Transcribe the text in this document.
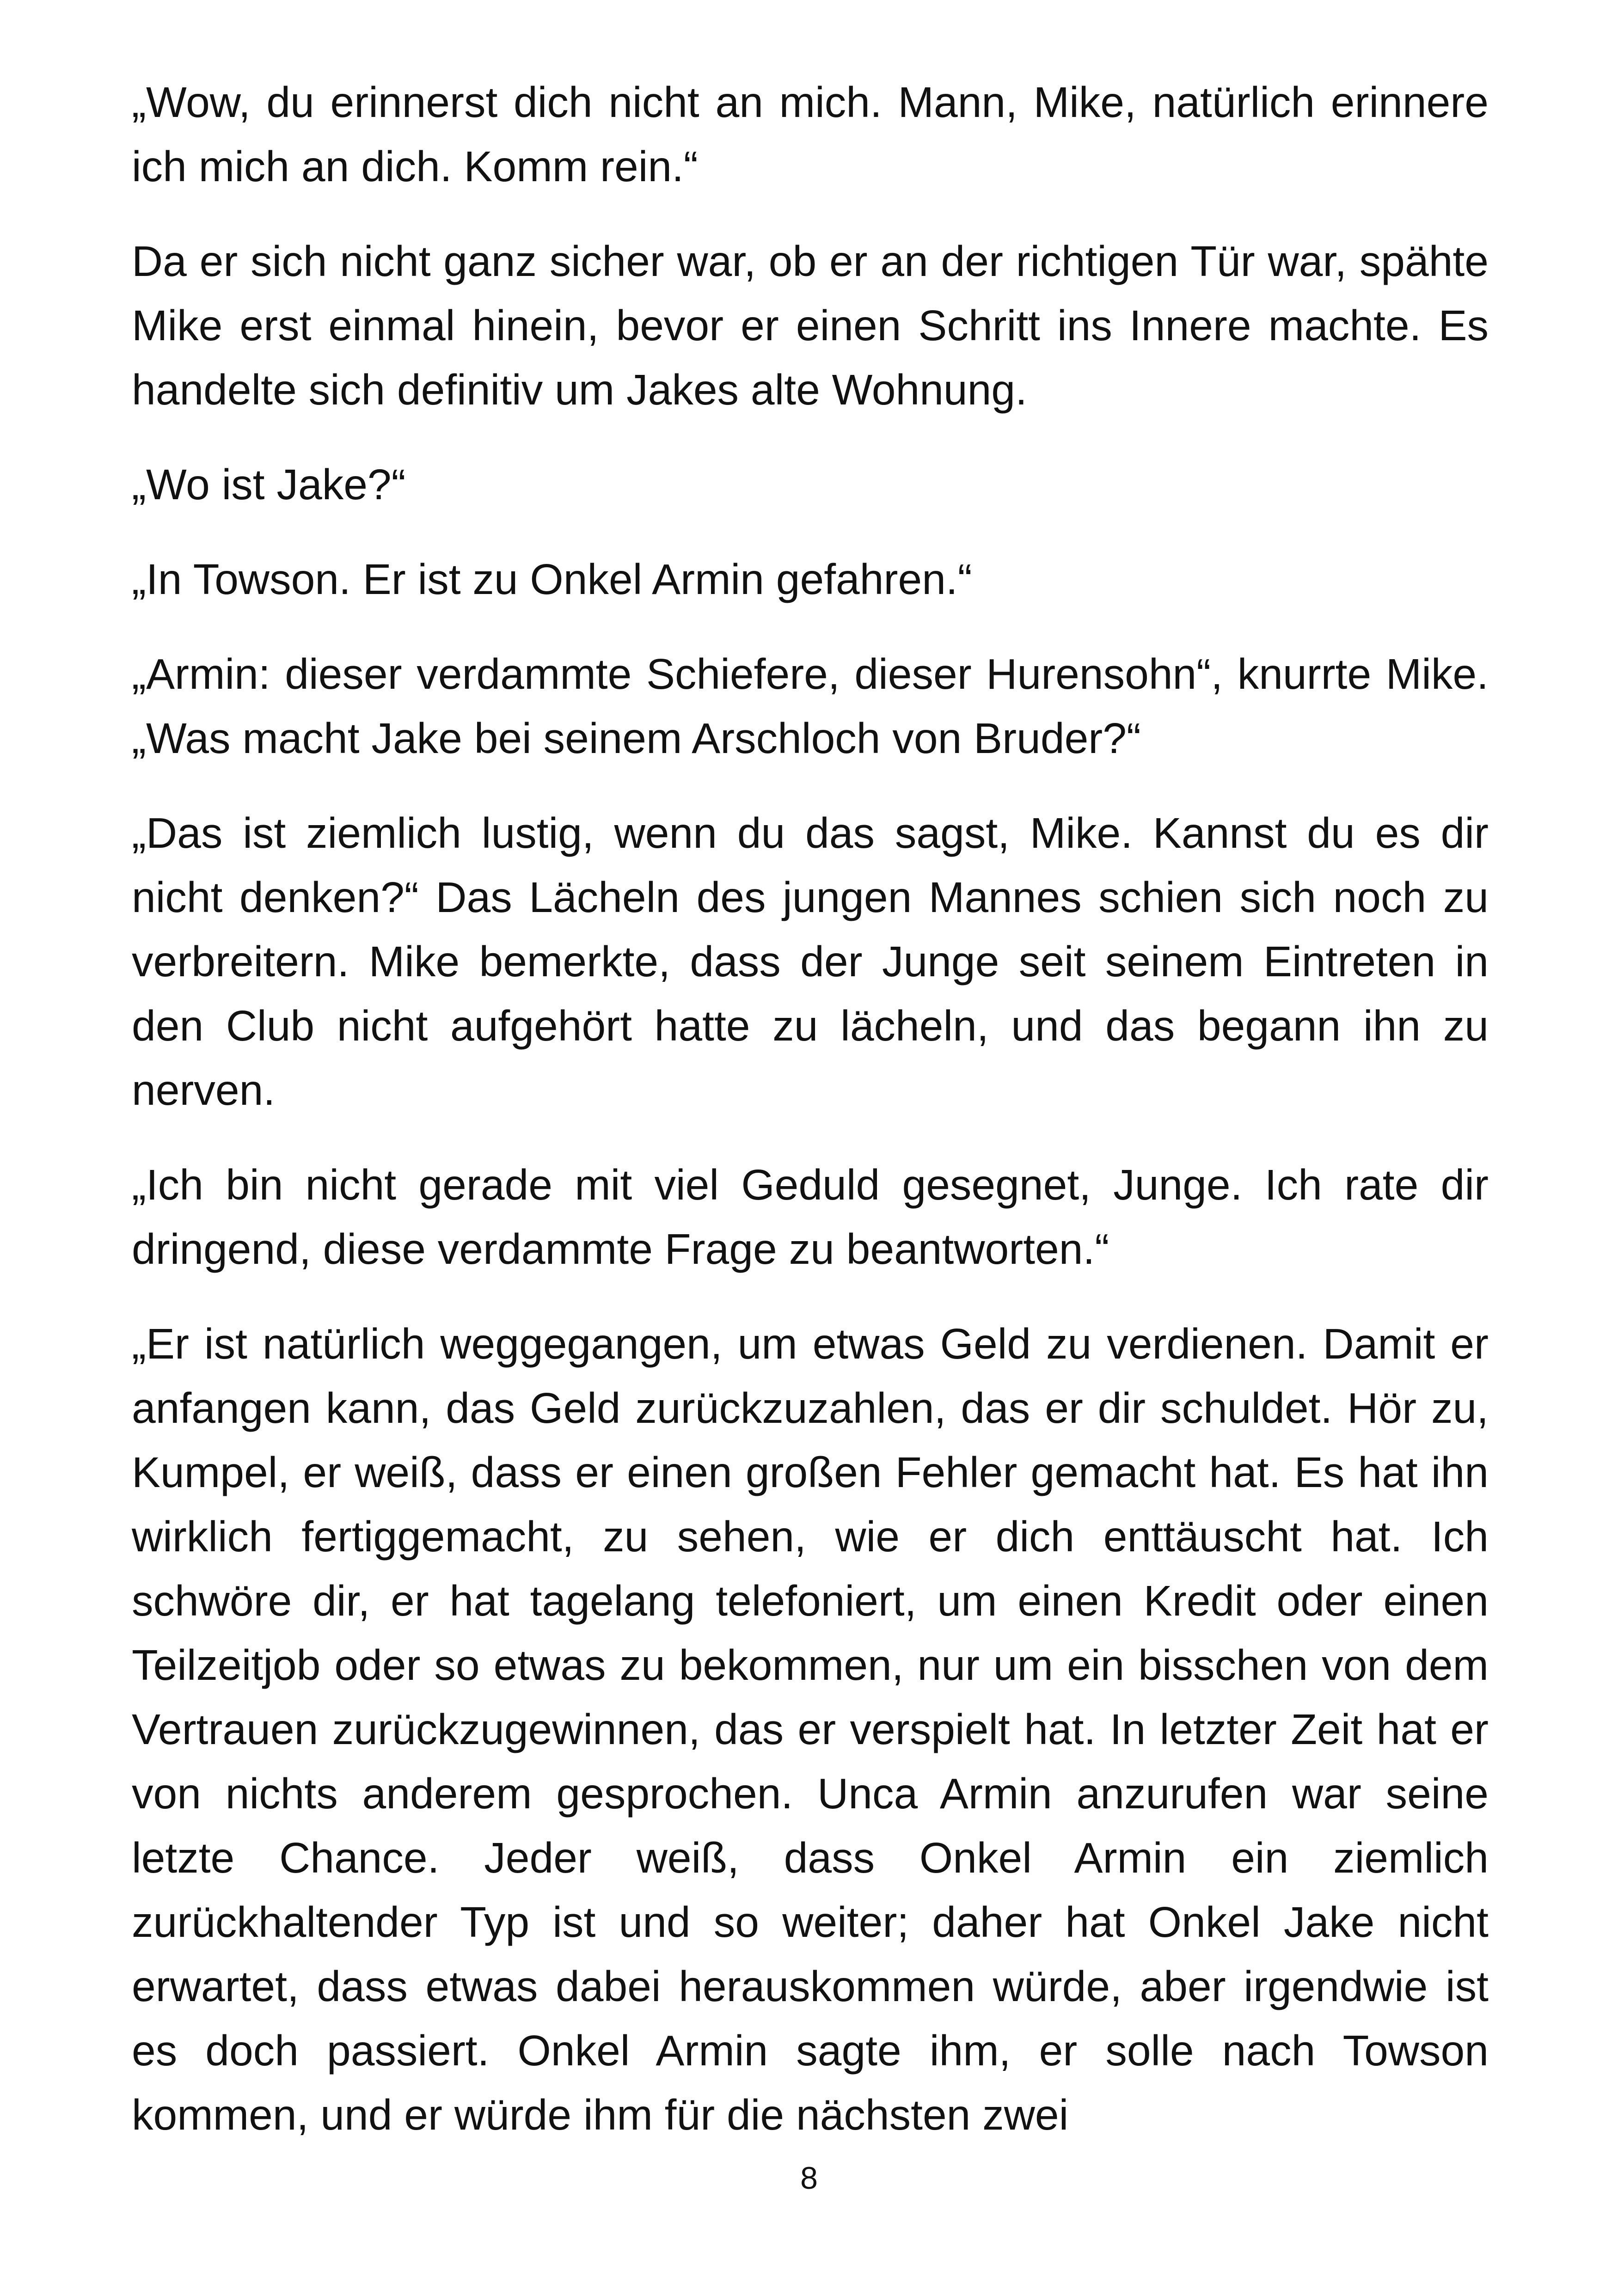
„Wow, du erinnerst dich nicht an mich. Mann, Mike, natürlich erinnere ich mich an dich. Komm rein.“

Da er sich nicht ganz sicher war, ob er an der richtigen Tür war, spähte Mike erst einmal hinein, bevor er einen Schritt ins Innere machte. Es handelte sich definitiv um Jakes alte Wohnung.

„Wo ist Jake?“

„In Towson. Er ist zu Onkel Armin gefahren.“

„Armin: dieser verdammte Schiefere, dieser Hurensohn“, knurrte Mike. „Was macht Jake bei seinem Arschloch von Bruder?“

„Das ist ziemlich lustig, wenn du das sagst, Mike. Kannst du es dir nicht denken?“ Das Lächeln des jungen Mannes schien sich noch zu verbreitern. Mike bemerkte, dass der Junge seit seinem Eintreten in den Club nicht aufgehört hatte zu lächeln, und das begann ihn zu nerven.

„Ich bin nicht gerade mit viel Geduld gesegnet, Junge. Ich rate dir dringend, diese verdammte Frage zu beantworten.“

„Er ist natürlich weggegangen, um etwas Geld zu verdienen. Damit er anfangen kann, das Geld zurückzuzahlen, das er dir schuldet. Hör zu, Kumpel, er weiß, dass er einen großen Fehler gemacht hat. Es hat ihn wirklich fertiggemacht, zu sehen, wie er dich enttäuscht hat. Ich schwöre dir, er hat tagelang telefoniert, um einen Kredit oder einen Teilzeitjob oder so etwas zu bekommen, nur um ein bisschen von dem Vertrauen zurückzugewinnen, das er verspielt hat. In letzter Zeit hat er von nichts anderem gesprochen. Unca Armin anzurufen war seine letzte Chance. Jeder weiß, dass Onkel Armin ein ziemlich zurückhaltender Typ ist und so weiter; daher hat Onkel Jake nicht erwartet, dass etwas dabei herauskommen würde, aber irgendwie ist es doch passiert. Onkel Armin sagte ihm, er solle nach Towson kommen, und er würde ihm für die nächsten zwei

8
